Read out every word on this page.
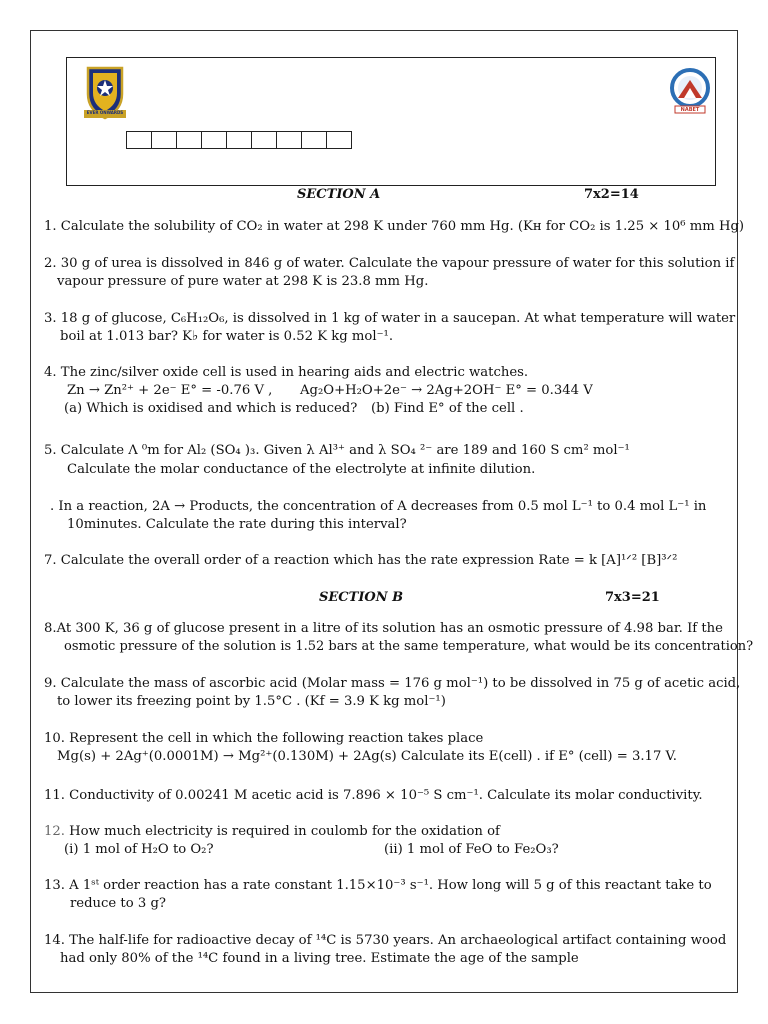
EVER ONWARDS	NABET
SECTION A	7x2=14
1. Calculate the solubility of CO₂ in water at 298 K under 760 mm Hg. (Kʜ for CO₂ is 1.25 × 10⁶ mm Hg)
2. 30 g of urea is dissolved in 846 g of water. Calculate the vapour pressure of water for this solution if
vapour pressure of pure water at 298 K is 23.8 mm Hg.
3. 18 g of glucose, C₆H₁₂O₆, is dissolved in 1 kg of water in a saucepan. At what temperature will water
boil at 1.013 bar? K♭ for water is 0.52 K kg mol⁻¹.
4. The zinc/silver oxide cell is used in hearing aids and electric watches.
Zn → Zn²⁺ + 2e⁻ E° = -0.76 V , Ag₂O+H₂O+2e⁻ → 2Ag+2OH⁻ E° = 0.344 V
(a) Which is oxidised and which is reduced? (b) Find E° of the cell .
5. Calculate Λ ⁰m for Al₂ (SO₄ )₃. Given λ Al³⁺ and λ SO₄ ²⁻ are 189 and 160 S cm² mol⁻¹
Calculate the molar conductance of the electrolyte at infinite dilution.
. In a reaction, 2A → Products, the concentration of A decreases from 0.5 mol L⁻¹ to 0.4 mol L⁻¹ in
10minutes. Calculate the rate during this interval?
7. Calculate the overall order of a reaction which has the rate expression Rate = k [A]¹ᐟ² [B]³ᐟ²
SECTION B	7x3=21
8.At 300 K, 36 g of glucose present in a litre of its solution has an osmotic pressure of 4.98 bar. If the
osmotic pressure of the solution is 1.52 bars at the same temperature, what would be its concentration?
9. Calculate the mass of ascorbic acid (Molar mass = 176 g mol⁻¹) to be dissolved in 75 g of acetic acid,
to lower its freezing point by 1.5°C . (Kf = 3.9 K kg mol⁻¹)
10. Represent the cell in which the following reaction takes place
Mg(s) + 2Ag⁺(0.0001M) → Mg²⁺(0.130M) + 2Ag(s) Calculate its E(cell) . if E° (cell) = 3.17 V.
11. Conductivity of 0.00241 M acetic acid is 7.896 × 10⁻⁵ S cm⁻¹. Calculate its molar conductivity.
12. How much electricity is required in coulomb for the oxidation of
(i) 1 mol of H₂O to O₂?	(ii) 1 mol of FeO to Fe₂O₃?
13. A 1ˢᵗ order reaction has a rate constant 1.15×10⁻³ s⁻¹. How long will 5 g of this reactant take to
reduce to 3 g?
14. The half-life for radioactive decay of ¹⁴C is 5730 years. An archaeological artifact containing wood
had only 80% of the ¹⁴C found in a living tree. Estimate the age of the sample
